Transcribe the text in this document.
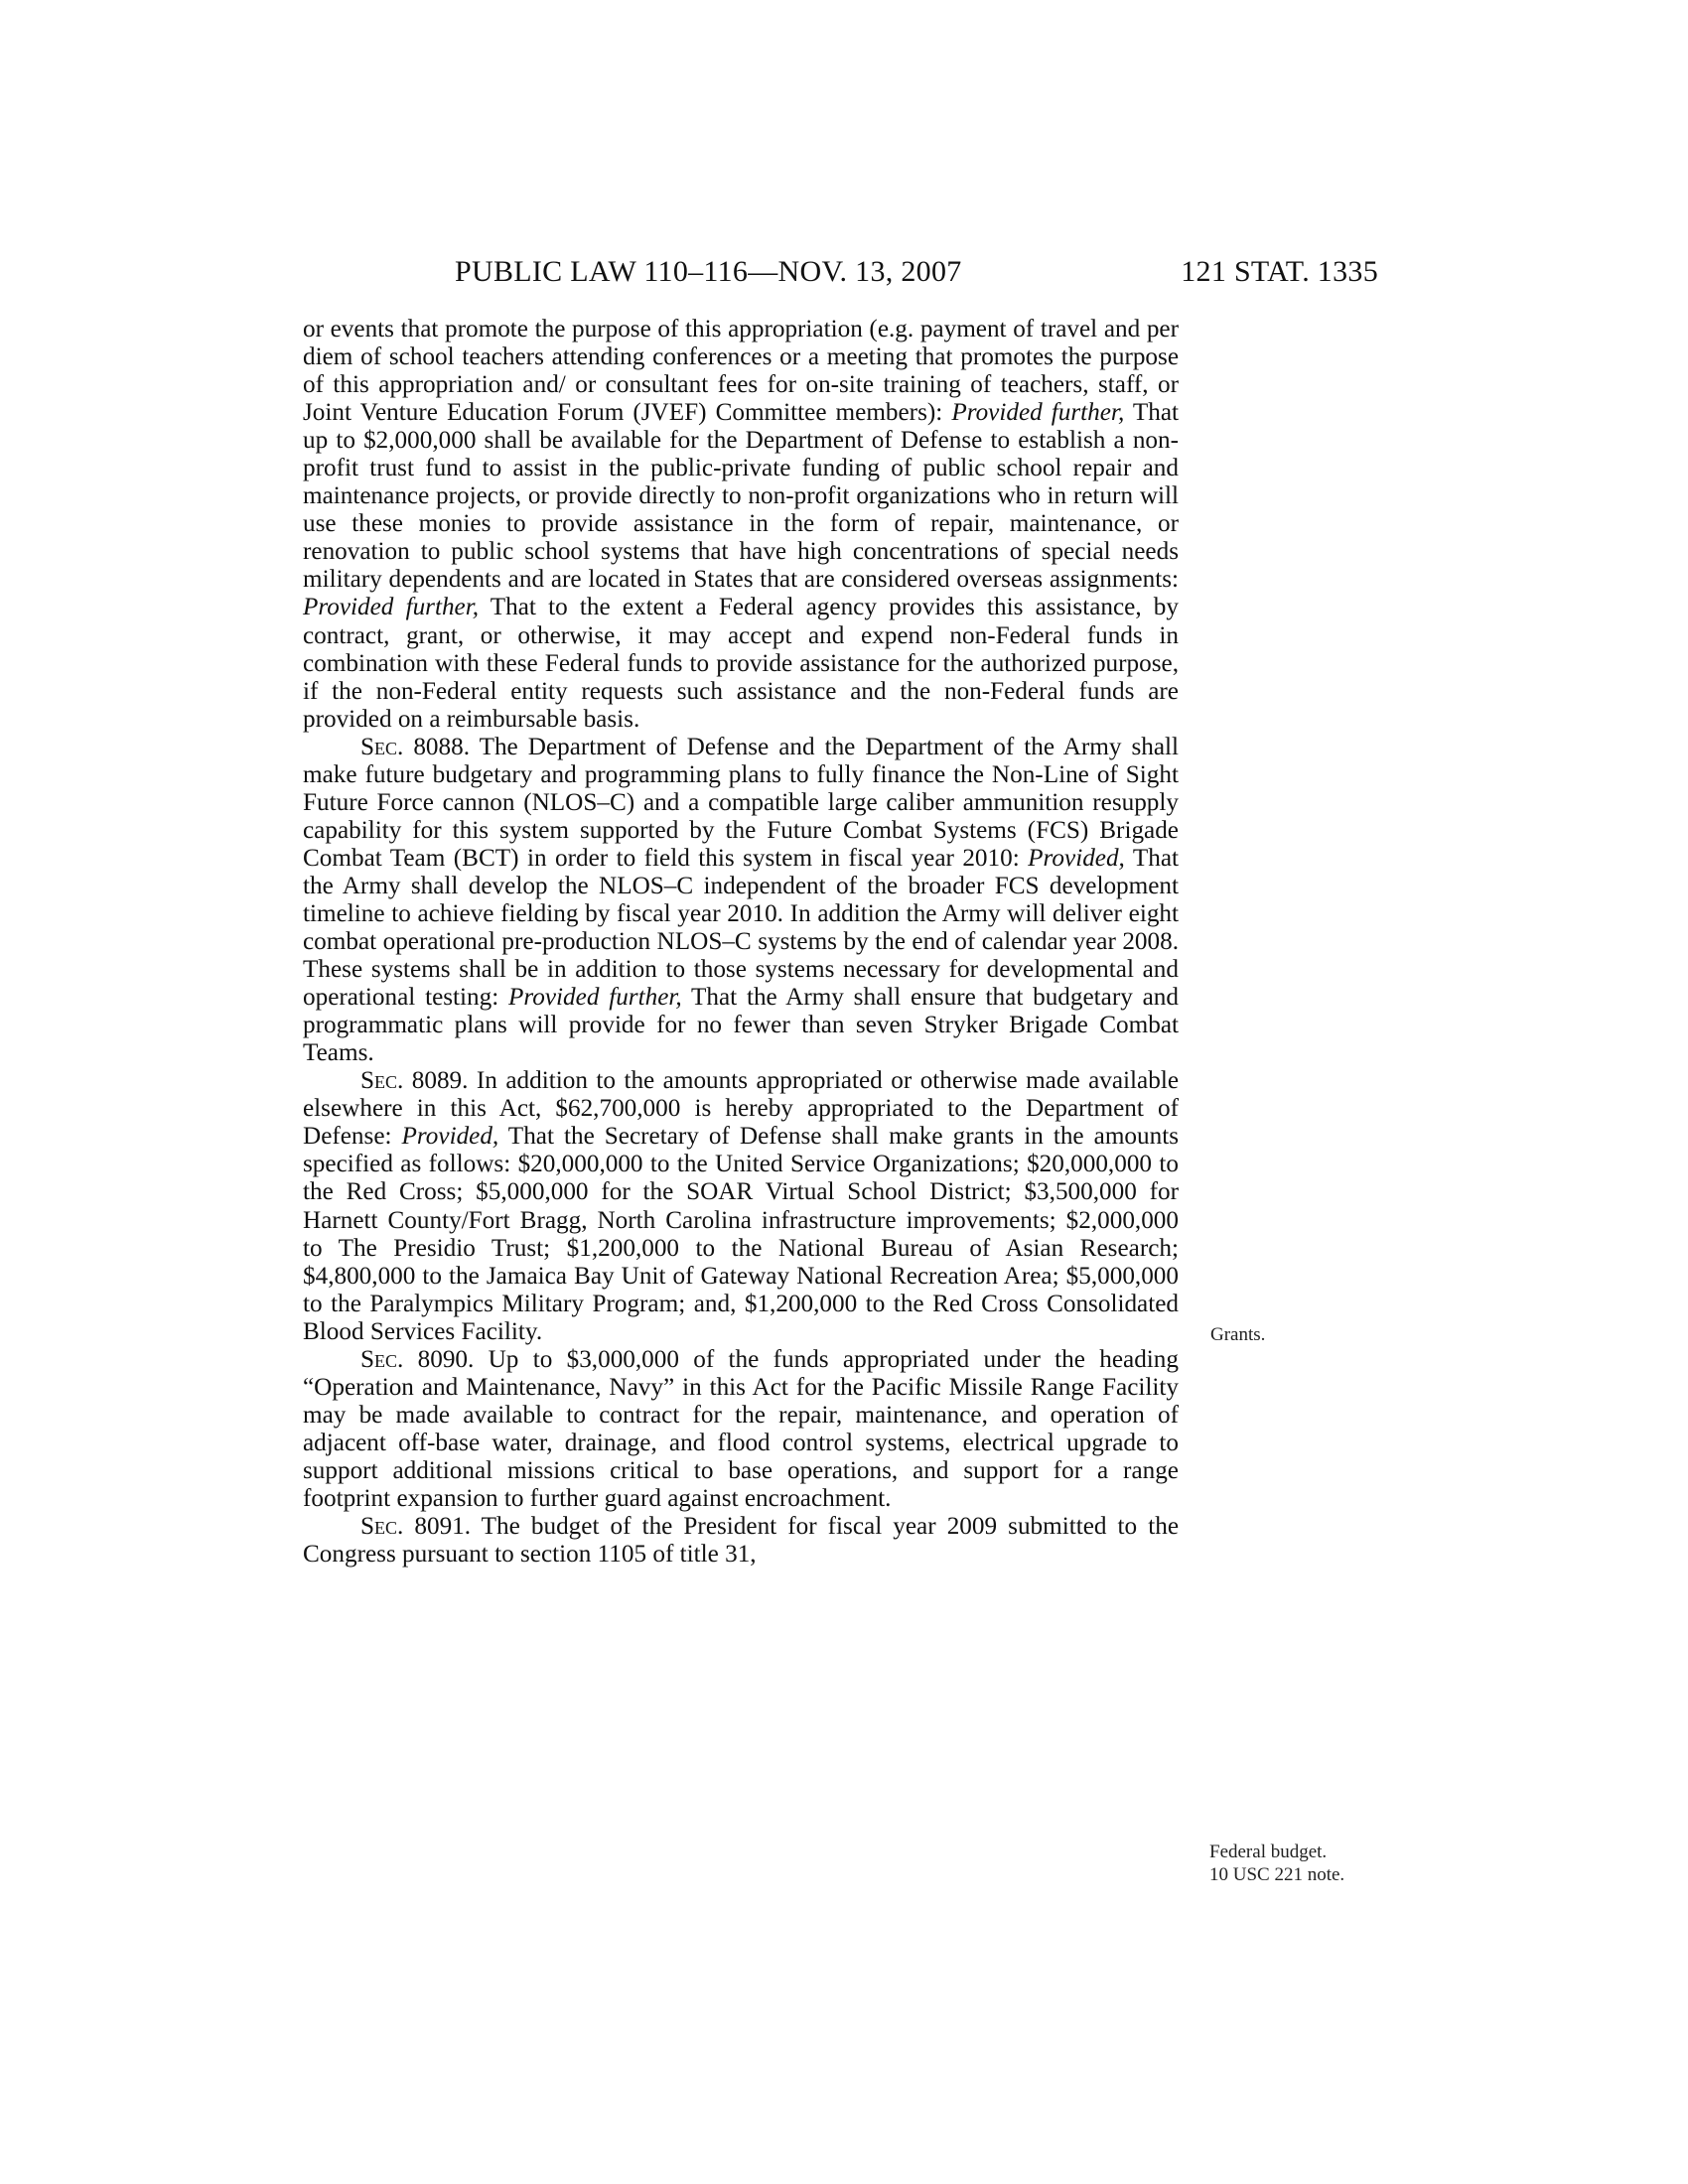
PUBLIC LAW 110–116—NOV. 13, 2007	121 STAT. 1335

or events that promote the purpose of this appropriation (e.g. payment of travel and per diem of school teachers attending conferences or a meeting that promotes the purpose of this appropriation and/ or consultant fees for on-site training of teachers, staff, or Joint Venture Education Forum (JVEF) Committee members): Provided further, That up to $2,000,000 shall be available for the Department of Defense to establish a non-profit trust fund to assist in the public-private funding of public school repair and maintenance projects, or provide directly to non-profit organizations who in return will use these monies to provide assistance in the form of repair, maintenance, or renovation to public school systems that have high concentrations of special needs military dependents and are located in States that are considered overseas assignments: Provided further, That to the extent a Federal agency provides this assistance, by contract, grant, or otherwise, it may accept and expend non-Federal funds in combination with these Federal funds to provide assistance for the authorized purpose, if the non-Federal entity requests such assistance and the non-Federal funds are provided on a reimbursable basis.

Sec. 8088. The Department of Defense and the Department of the Army shall make future budgetary and programming plans to fully finance the Non-Line of Sight Future Force cannon (NLOS–C) and a compatible large caliber ammunition resupply capability for this system supported by the Future Combat Systems (FCS) Brigade Combat Team (BCT) in order to field this system in fiscal year 2010: Provided, That the Army shall develop the NLOS–C independent of the broader FCS development timeline to achieve fielding by fiscal year 2010. In addition the Army will deliver eight combat operational pre-production NLOS–C systems by the end of calendar year 2008. These systems shall be in addition to those systems necessary for developmental and operational testing: Provided further, That the Army shall ensure that budgetary and programmatic plans will provide for no fewer than seven Stryker Brigade Combat Teams.

Sec. 8089. In addition to the amounts appropriated or otherwise made available elsewhere in this Act, $62,700,000 is hereby appropriated to the Department of Defense: Provided, That the Secretary of Defense shall make grants in the amounts specified as follows: $20,000,000 to the United Service Organizations; $20,000,000 to the Red Cross; $5,000,000 for the SOAR Virtual School District; $3,500,000 for Harnett County/Fort Bragg, North Carolina infrastructure improvements; $2,000,000 to The Presidio Trust; $1,200,000 to the National Bureau of Asian Research; $4,800,000 to the Jamaica Bay Unit of Gateway National Recreation Area; $5,000,000 to the Paralympics Military Program; and, $1,200,000 to the Red Cross Consolidated Blood Services Facility.

Sec. 8090. Up to $3,000,000 of the funds appropriated under the heading “Operation and Maintenance, Navy” in this Act for the Pacific Missile Range Facility may be made available to contract for the repair, maintenance, and operation of adjacent off-base water, drainage, and flood control systems, electrical upgrade to support additional missions critical to base operations, and support for a range footprint expansion to further guard against encroachment.

Sec. 8091. The budget of the President for fiscal year 2009 submitted to the Congress pursuant to section 1105 of title 31,

Grants.
Federal budget.
10 USC 221 note.
